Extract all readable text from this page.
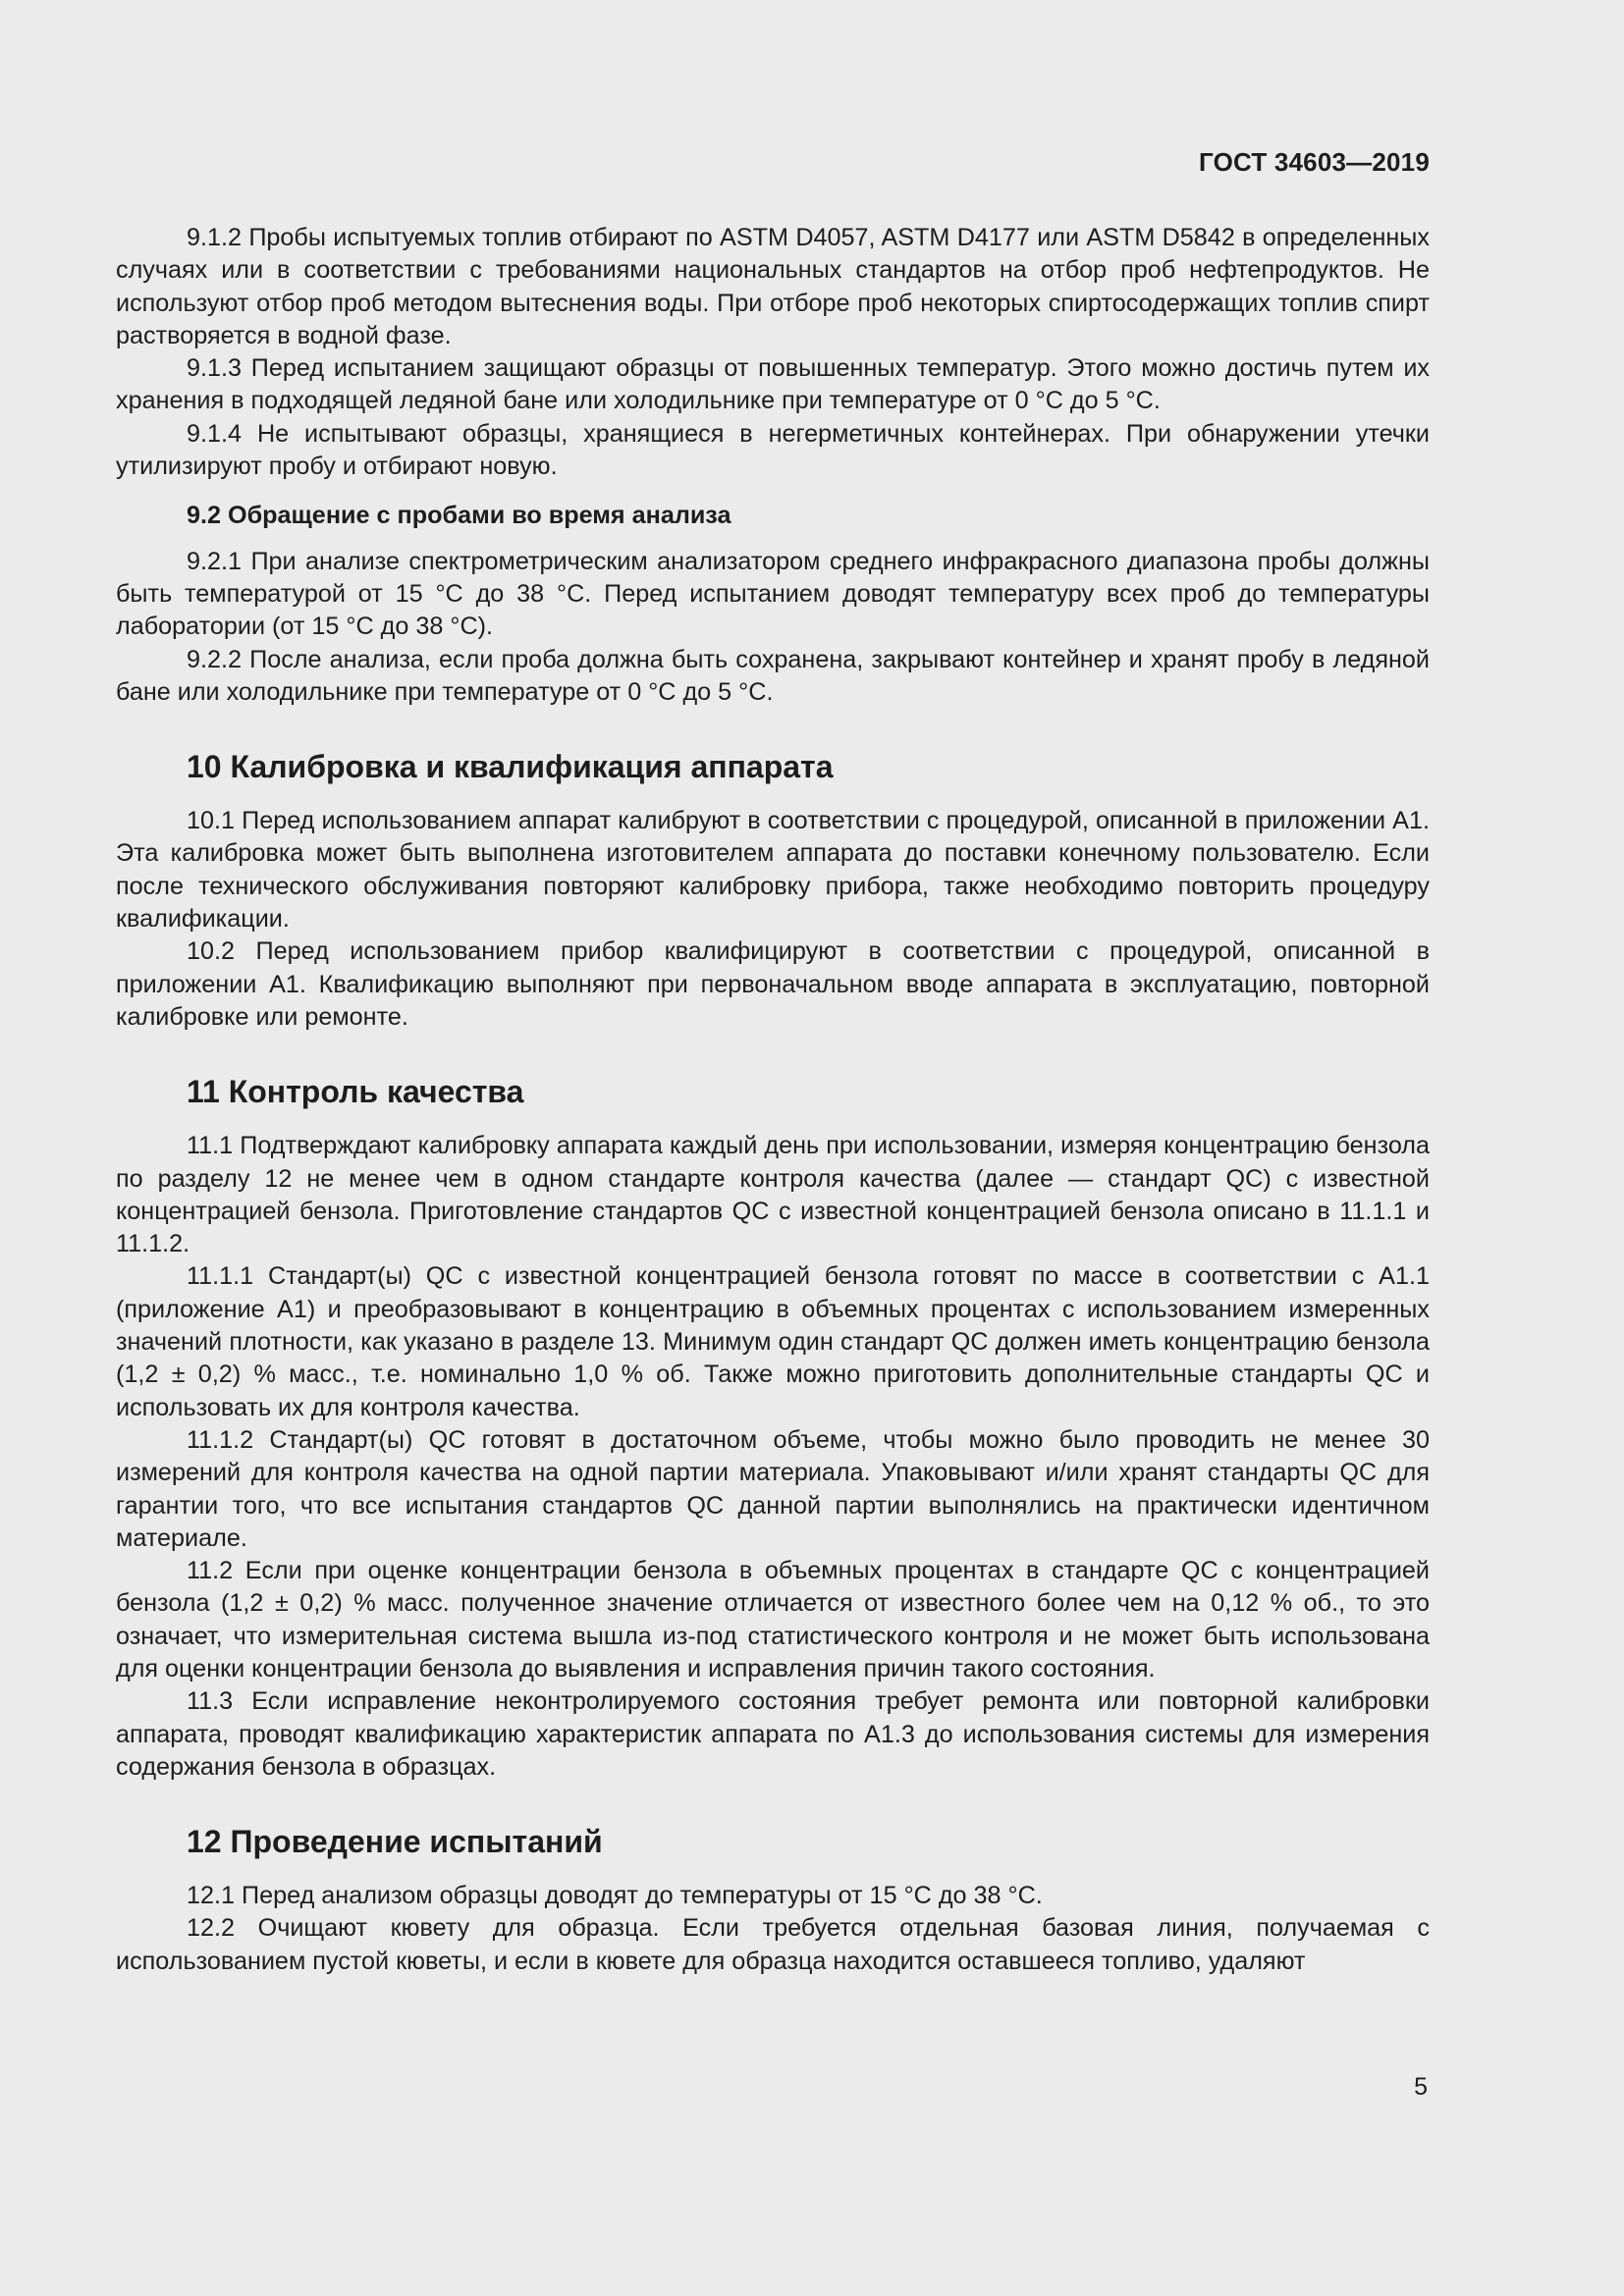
ГОСТ 34603—2019

9.1.2 Пробы испытуемых топлив отбирают по ASTM D4057, ASTM D4177 или ASTM D5842 в определенных случаях или в соответствии с требованиями национальных стандартов на отбор проб нефтепродуктов. Не используют отбор проб методом вытеснения воды. При отборе проб некоторых спиртосодержащих топлив спирт растворяется в водной фазе.

9.1.3 Перед испытанием защищают образцы от повышенных температур. Этого можно достичь путем их хранения в подходящей ледяной бане или холодильнике при температуре от 0 °С до 5 °С.

9.1.4 Не испытывают образцы, хранящиеся в негерметичных контейнерах. При обнаружении утечки утилизируют пробу и отбирают новую.

9.2 Обращение с пробами во время анализа

9.2.1 При анализе спектрометрическим анализатором среднего инфракрасного диапазона пробы должны быть температурой от 15 °С до 38 °С. Перед испытанием доводят температуру всех проб до температуры лаборатории (от 15 °С до 38 °С).

9.2.2 После анализа, если проба должна быть сохранена, закрывают контейнер и хранят пробу в ледяной бане или холодильнике при температуре от 0 °С до 5 °С.

10 Калибровка и квалификация аппарата

10.1 Перед использованием аппарат калибруют в соответствии с процедурой, описанной в приложении А1. Эта калибровка может быть выполнена изготовителем аппарата до поставки конечному пользователю. Если после технического обслуживания повторяют калибровку прибора, также необходимо повторить процедуру квалификации.

10.2 Перед использованием прибор квалифицируют в соответствии с процедурой, описанной в приложении А1. Квалификацию выполняют при первоначальном вводе аппарата в эксплуатацию, повторной калибровке или ремонте.

11 Контроль качества

11.1 Подтверждают калибровку аппарата каждый день при использовании, измеряя концентрацию бензола по разделу 12 не менее чем в одном стандарте контроля качества (далее — стандарт QC) с известной концентрацией бензола. Приготовление стандартов QC с известной концентрацией бензола описано в 11.1.1 и 11.1.2.

11.1.1 Стандарт(ы) QC с известной концентрацией бензола готовят по массе в соответствии с А1.1 (приложение А1) и преобразовывают в концентрацию в объемных процентах с использованием измеренных значений плотности, как указано в разделе 13. Минимум один стандарт QC должен иметь концентрацию бензола (1,2 ± 0,2) % масс., т.е. номинально 1,0 % об. Также можно приготовить дополнительные стандарты QC и использовать их для контроля качества.

11.1.2 Стандарт(ы) QC готовят в достаточном объеме, чтобы можно было проводить не менее 30 измерений для контроля качества на одной партии материала. Упаковывают и/или хранят стандарты QC для гарантии того, что все испытания стандартов QC данной партии выполнялись на практически идентичном материале.

11.2 Если при оценке концентрации бензола в объемных процентах в стандарте QC с концентрацией бензола (1,2 ± 0,2) % масс. полученное значение отличается от известного более чем на 0,12 % об., то это означает, что измерительная система вышла из-под статистического контроля и не может быть использована для оценки концентрации бензола до выявления и исправления причин такого состояния.

11.3 Если исправление неконтролируемого состояния требует ремонта или повторной калибровки аппарата, проводят квалификацию характеристик аппарата по А1.3 до использования системы для измерения содержания бензола в образцах.

12 Проведение испытаний

12.1 Перед анализом образцы доводят до температуры от 15 °С до 38 °С.

12.2 Очищают кювету для образца. Если требуется отдельная базовая линия, получаемая с использованием пустой кюветы, и если в кювете для образца находится оставшееся топливо, удаляют

5
